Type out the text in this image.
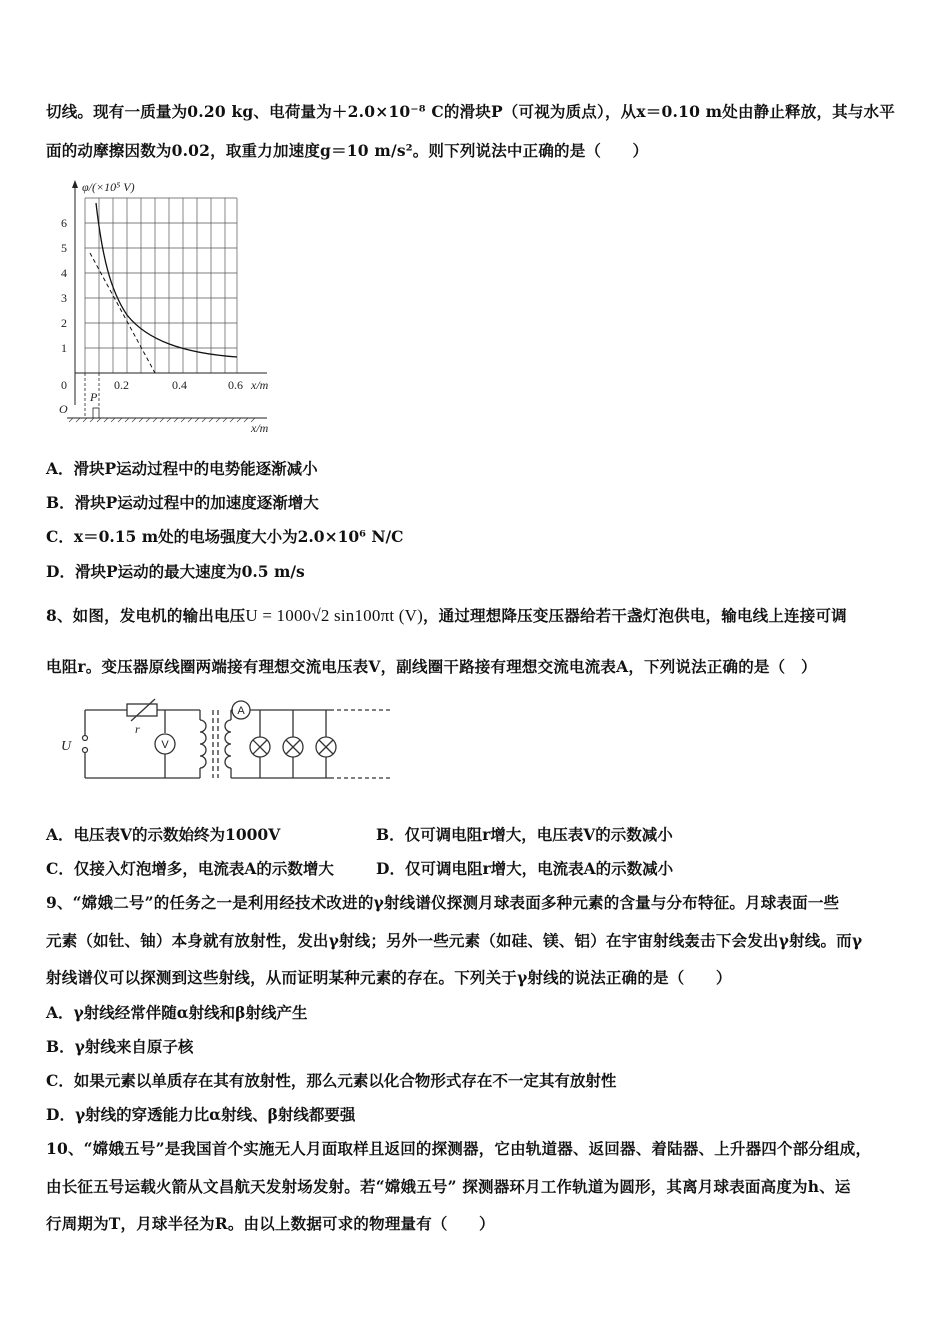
切线。现有一质量为0.20 kg、电荷量为＋2.0×10⁻⁸ C的滑块P（可视为质点），从x＝0.10 m处由静止释放，其与水平
面的动摩擦因数为0.02，取重力加速度g＝10 m/s²。则下列说法中正确的是（　　）
6
5
4
3
2
1
0	0.2	0.4	0.6 x/m
φ/(×10⁵ V)
P
O
x/m
A．滑块P运动过程中的电势能逐渐减小
B．滑块P运动过程中的加速度逐渐增大
C．x＝0.15 m处的电场强度大小为2.0×10⁶ N/C
D．滑块P运动的最大速度为0.5 m/s
8、如图，发电机的输出电压U = 1000√2 sin100πt (V)，通过理想降压变压器给若干盏灯泡供电，输电线上连接可调
电阻r。变压器原线圈两端接有理想交流电压表V，副线圈干路接有理想交流电流表A，下列说法正确的是（　）
U
r
V
A
A．电压表V的示数始终为1000V	B．仅可调电阻r增大，电压表V的示数减小
C．仅接入灯泡增多，电流表A的示数增大	D．仅可调电阻r增大，电流表A的示数减小
9、“嫦娥二号”的任务之一是利用经技术改进的γ射线谱仪探测月球表面多种元素的含量与分布特征。月球表面一些
元素（如钍、铀）本身就有放射性，发出γ射线；另外一些元素（如硅、镁、铝）在宇宙射线轰击下会发出γ射线。而γ
射线谱仪可以探测到这些射线，从而证明某种元素的存在。下列关于γ射线的说法正确的是（　　）
A．γ射线经常伴随α射线和β射线产生
B．γ射线来自原子核
C．如果元素以单质存在其有放射性，那么元素以化合物形式存在不一定其有放射性
D．γ射线的穿透能力比α射线、β射线都要强
10、“嫦娥五号”是我国首个实施无人月面取样且返回的探测器，它由轨道器、返回器、着陆器、上升器四个部分组成，
由长征五号运载火箭从文昌航天发射场发射。若“嫦娥五号” 探测器环月工作轨道为圆形，其离月球表面高度为h、运
行周期为T，月球半径为R。由以上数据可求的物理量有（　　）
